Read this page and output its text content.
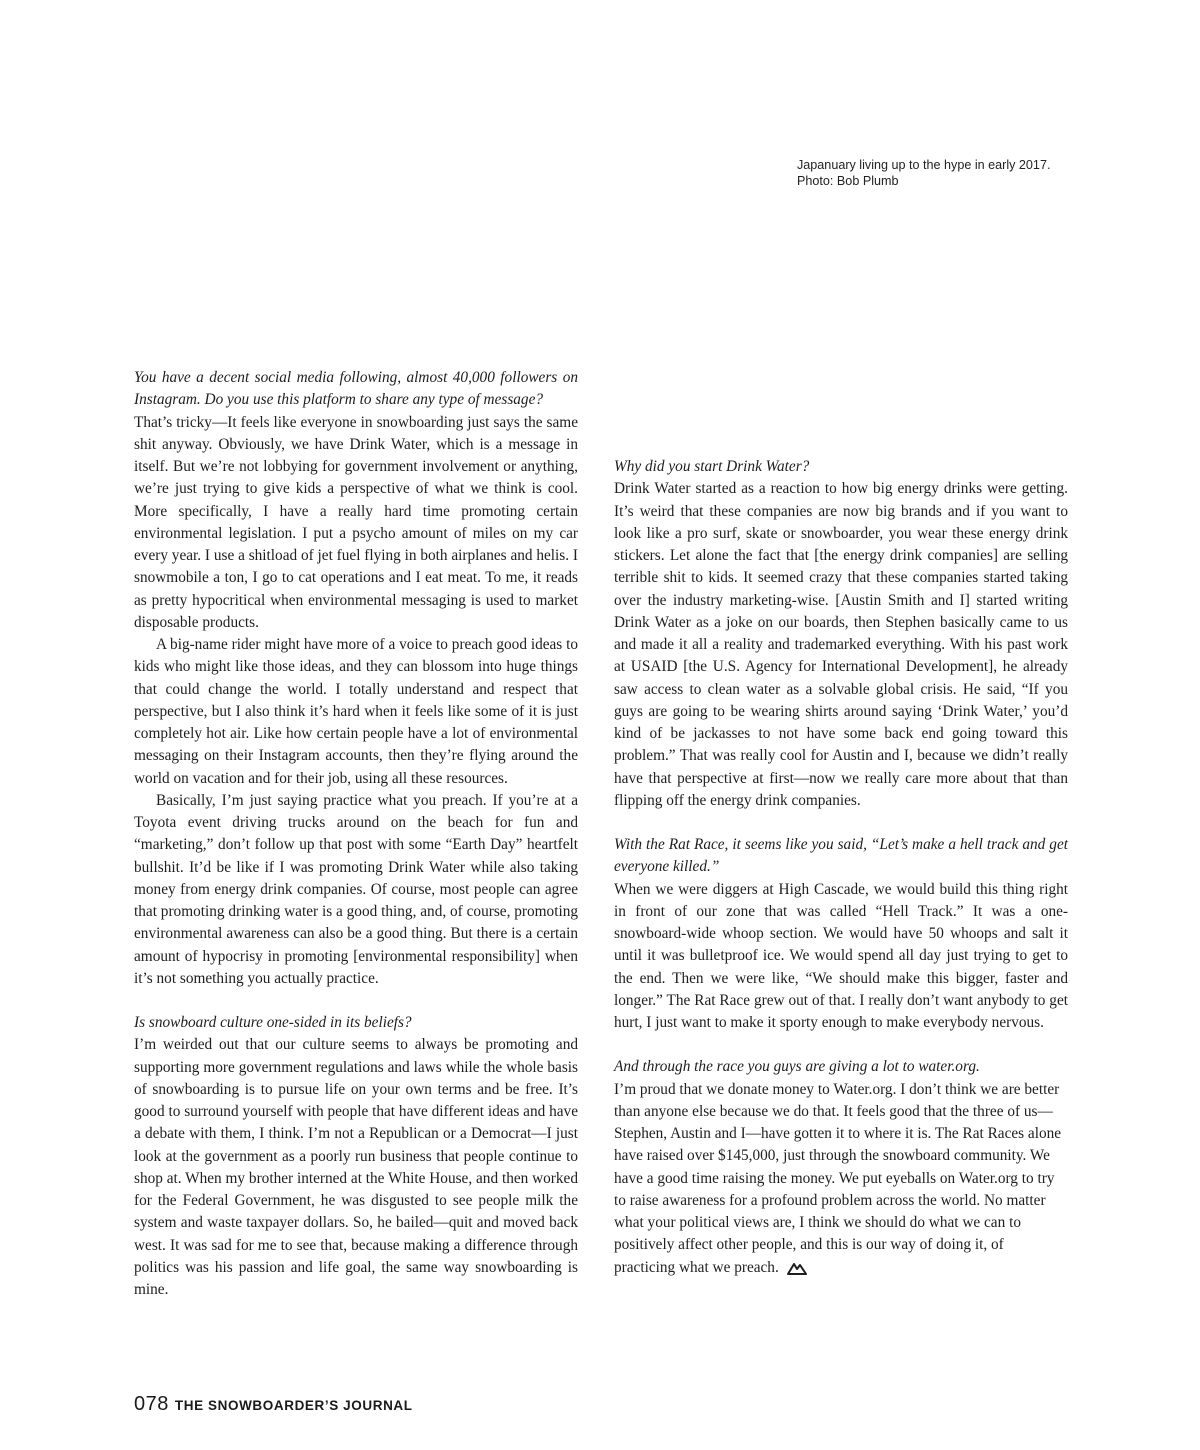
Japanuary living up to the hype in early 2017.
Photo: Bob Plumb

You have a decent social media following, almost 40,000 followers on Instagram. Do you use this platform to share any type of message?

That’s tricky—It feels like everyone in snowboarding just says the same shit anyway. Obviously, we have Drink Water, which is a message in itself. But we’re not lobbying for government involvement or anything, we’re just trying to give kids a perspective of what we think is cool. More specifically, I have a really hard time promoting certain environmental legislation. I put a psycho amount of miles on my car every year. I use a shitload of jet fuel flying in both airplanes and helis. I snowmobile a ton, I go to cat operations and I eat meat. To me, it reads as pretty hypocritical when environmental messaging is used to market disposable products.

A big-name rider might have more of a voice to preach good ideas to kids who might like those ideas, and they can blossom into huge things that could change the world. I totally understand and respect that perspective, but I also think it’s hard when it feels like some of it is just completely hot air. Like how certain people have a lot of environmental messaging on their Instagram accounts, then they’re flying around the world on vacation and for their job, using all these resources.

Basically, I’m just saying practice what you preach. If you’re at a Toyota event driving trucks around on the beach for fun and “marketing,” don’t follow up that post with some “Earth Day” heartfelt bullshit. It’d be like if I was promoting Drink Water while also taking money from energy drink companies. Of course, most people can agree that promoting drinking water is a good thing, and, of course, promoting environmental awareness can also be a good thing. But there is a certain amount of hypocrisy in promoting [environmental responsibility] when it’s not something you actually practice.

Is snowboard culture one-sided in its beliefs?

I’m weirded out that our culture seems to always be promoting and supporting more government regulations and laws while the whole basis of snowboarding is to pursue life on your own terms and be free. It’s good to surround yourself with people that have different ideas and have a debate with them, I think. I’m not a Republican or a Democrat—I just look at the government as a poorly run business that people continue to shop at. When my brother interned at the White House, and then worked for the Federal Government, he was disgusted to see people milk the system and waste taxpayer dollars. So, he bailed—quit and moved back west. It was sad for me to see that, because making a difference through politics was his passion and life goal, the same way snowboarding is mine.

Why did you start Drink Water?

Drink Water started as a reaction to how big energy drinks were getting. It’s weird that these companies are now big brands and if you want to look like a pro surf, skate or snowboarder, you wear these energy drink stickers. Let alone the fact that [the energy drink companies] are selling terrible shit to kids. It seemed crazy that these companies started taking over the industry marketing-wise. [Austin Smith and I] started writing Drink Water as a joke on our boards, then Stephen basically came to us and made it all a reality and trademarked everything. With his past work at USAID [the U.S. Agency for International Development], he already saw access to clean water as a solvable global crisis. He said, “If you guys are going to be wearing shirts around saying ‘Drink Water,’ you’d kind of be jackasses to not have some back end going toward this problem.” That was really cool for Austin and I, because we didn’t really have that perspective at first—now we really care more about that than flipping off the energy drink companies.

With the Rat Race, it seems like you said, “Let’s make a hell track and get everyone killed.”

When we were diggers at High Cascade, we would build this thing right in front of our zone that was called “Hell Track.” It was a one-snowboard-wide whoop section. We would have 50 whoops and salt it until it was bulletproof ice. We would spend all day just trying to get to the end. Then we were like, “We should make this bigger, faster and longer.” The Rat Race grew out of that. I really don’t want anybody to get hurt, I just want to make it sporty enough to make everybody nervous.

And through the race you guys are giving a lot to water.org.

I’m proud that we donate money to Water.org. I don’t think we are better than anyone else because we do that. It feels good that the three of us—Stephen, Austin and I—have gotten it to where it is. The Rat Races alone have raised over $145,000, just through the snowboard community. We have a good time raising the money. We put eyeballs on Water.org to try to raise awareness for a profound problem across the world. No matter what your political views are, I think we should do what we can to positively affect other people, and this is our way of doing it, of practicing what we preach.

078 THE SNOWBOARDER’S JOURNAL
